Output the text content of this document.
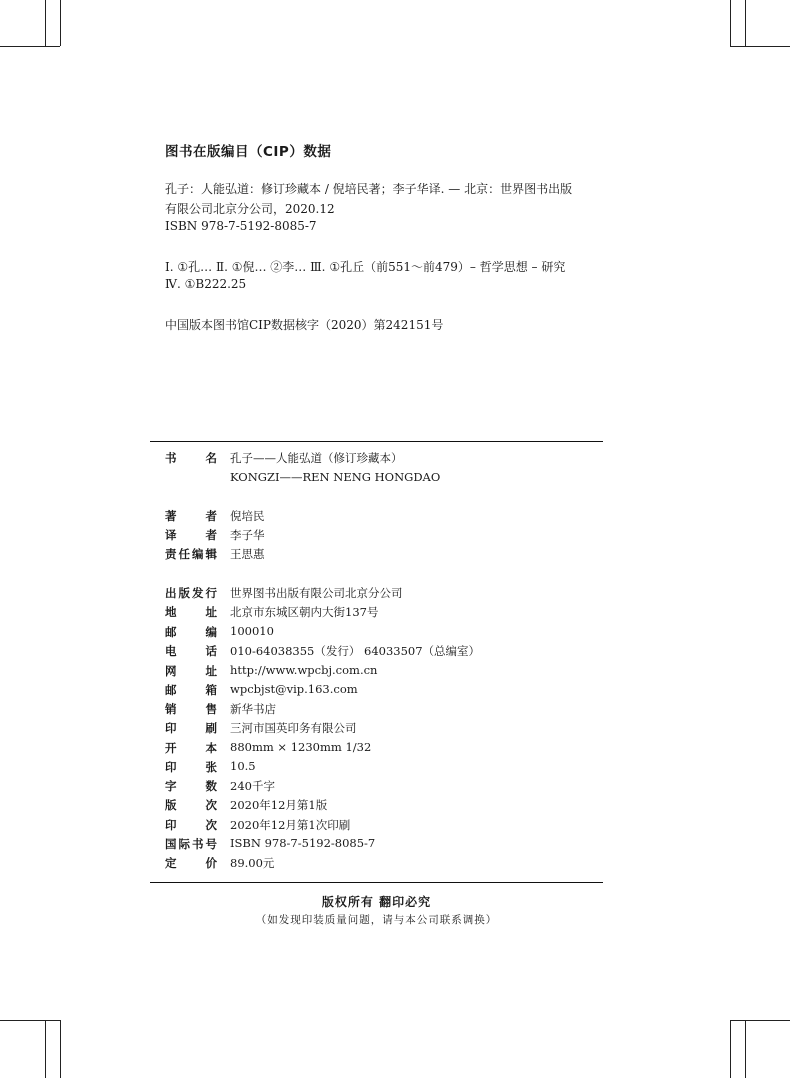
图书在版编目（CIP）数据
孔子：人能弘道：修订珍藏本 / 倪培民著；李子华译. — 北京：世界图书出版
有限公司北京分公司，2020.12
ISBN 978-7-5192-8085-7
Ⅰ. ①孔… Ⅱ. ①倪… ②李… Ⅲ. ①孔丘（前551～前479）– 哲学思想 – 研究
Ⅳ. ①B222.25
中国版本图书馆CIP数据核字（2020）第242151号
书 名 孔子——人能弘道（修订珍藏本）
KONGZI——REN NENG HONGDAO
著 者 倪培民
译 者 李子华
责任编辑 王思惠
出版发行 世界图书出版有限公司北京分公司
地 址 北京市东城区朝内大街137号
邮 编 100010
电 话 010-64038355（发行） 64033507（总编室）
网 址 http://www.wpcbj.com.cn
邮 箱 wpcbjst@vip.163.com
销 售 新华书店
印 刷 三河市国英印务有限公司
开 本 880mm × 1230mm 1/32
印 张 10.5
字 数 240千字
版 次 2020年12月第1版
印 次 2020年12月第1次印刷
国际书号 ISBN 978-7-5192-8085-7
定 价 89.00元
版权所有 翻印必究
（如发现印装质量问题，请与本公司联系调换）
